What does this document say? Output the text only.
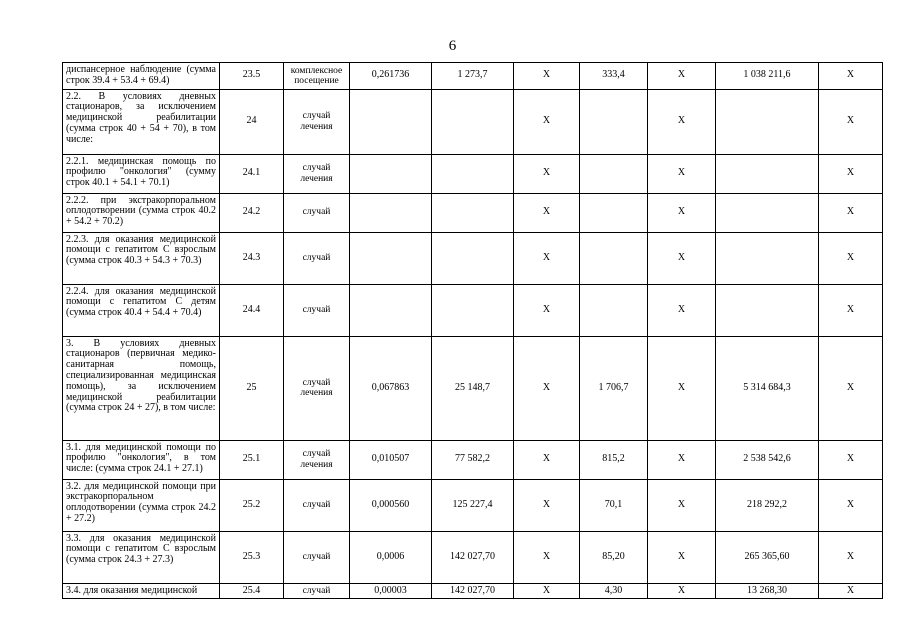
6
диспансерное наблюдение (сумма строк 39.4 + 53.4 + 69.4)	23.5	комплексное посещение	0,261736	1 273,7	Х	333,4	Х	1 038 211,6	Х
2.2. В условиях дневных стационаров, за исключением медицинской реабилитации (сумма строк 40 + 54 + 70), в том числе:	24	случай лечения			Х		Х		Х
2.2.1. медицинская помощь по профилю "онкология" (сумму строк 40.1 + 54.1 + 70.1)	24.1	случай лечения			Х		Х		Х
2.2.2. при экстракорпоральном оплодотворении (сумма строк 40.2 + 54.2 + 70.2)	24.2	случай			Х		Х		Х
2.2.3. для оказания медицинской помощи с гепатитом С взрослым (сумма строк 40.3 + 54.3 + 70.3)	24.3	случай			Х		Х		Х
2.2.4. для оказания медицинской помощи с гепатитом С детям (сумма строк 40.4 + 54.4 + 70.4)	24.4	случай			Х		Х		Х
3. В условиях дневных стационаров (первичная медико-санитарная помощь, специализированная медицинская помощь), за исключением медицинской реабилитации (сумма строк 24 + 27), в том числе:	25	случай лечения	0,067863	25 148,7	Х	1 706,7	Х	5 314 684,3	Х
3.1. для медицинской помощи по профилю "онкология", в том числе: (сумма строк 24.1 + 27.1)	25.1	случай лечения	0,010507	77 582,2	Х	815,2	Х	2 538 542,6	Х
3.2. для медицинской помощи при экстракорпоральном оплодотворении (сумма строк 24.2 + 27.2)	25.2	случай	0,000560	125 227,4	Х	70,1	Х	218 292,2	Х
3.3. для оказания медицинской помощи с гепатитом С взрослым (сумма строк 24.3 + 27.3)	25.3	случай	0,0006	142 027,70	Х	85,20	Х	265 365,60	Х
3.4. для оказания медицинской	25.4	случай	0,00003	142 027,70	Х	4,30	Х	13 268,30	Х
